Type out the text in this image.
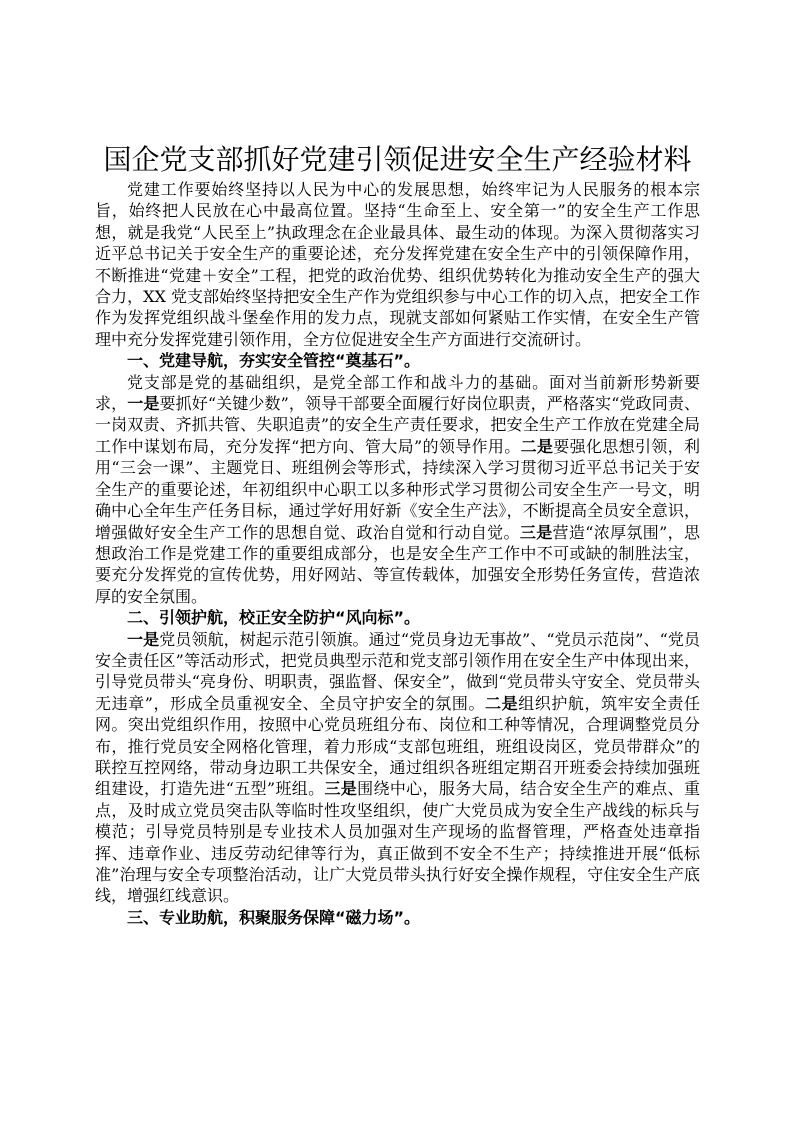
国企党支部抓好党建引领促进安全生产经验材料

党建工作要始终坚持以人民为中心的发展思想，始终牢记为人民服务的根本宗旨，始终把人民放在心中最高位置。坚持“生命至上、安全第一”的安全生产工作思想，就是我党“人民至上”执政理念在企业最具体、最生动的体现。为深入贯彻落实习近平总书记关于安全生产的重要论述，充分发挥党建在安全生产中的引领保障作用，不断推进“党建＋安全”工程，把党的政治优势、组织优势转化为推动安全生产的强大合力，XX 党支部始终坚持把安全生产作为党组织参与中心工作的切入点，把安全工作作为发挥党组织战斗堡垒作用的发力点，现就支部如何紧贴工作实情，在安全生产管理中充分发挥党建引领作用，全方位促进安全生产方面进行交流研讨。

一、党建导航，夯实安全管控“奠基石”。

党支部是党的基础组织，是党全部工作和战斗力的基础。面对当前新形势新要求，一是要抓好“关键少数”，领导干部要全面履行好岗位职责，严格落实“党政同责、一岗双责、齐抓共管、失职追责”的安全生产责任要求，把安全生产工作放在党建全局工作中谋划布局，充分发挥“把方向、管大局”的领导作用。二是要强化思想引领，利用“三会一课”、主题党日、班组例会等形式，持续深入学习贯彻习近平总书记关于安全生产的重要论述，年初组织中心职工以多种形式学习贯彻公司安全生产一号文，明确中心全年生产任务目标，通过学好用好新《安全生产法》，不断提高全员安全意识，增强做好安全生产工作的思想自觉、政治自觉和行动自觉。三是营造“浓厚氛围”，思想政治工作是党建工作的重要组成部分，也是安全生产工作中不可或缺的制胜法宝，要充分发挥党的宣传优势，用好网站、等宣传载体，加强安全形势任务宣传，营造浓厚的安全氛围。

二、引领护航，校正安全防护“风向标”。

一是党员领航，树起示范引领旗。通过“党员身边无事故”、“党员示范岗”、“党员安全责任区”等活动形式，把党员典型示范和党支部引领作用在安全生产中体现出来，引导党员带头“亮身份、明职责，强监督、保安全”，做到“党员带头守安全、党员带头无违章”，形成全员重视安全、全员守护安全的氛围。二是组织护航，筑牢安全责任网。突出党组织作用，按照中心党员班组分布、岗位和工种等情况，合理调整党员分布，推行党员安全网格化管理，着力形成“支部包班组，班组设岗区，党员带群众”的联控互控网络，带动身边职工共保安全，通过组织各班组定期召开班委会持续加强班组建设，打造先进“五型”班组。三是围绕中心，服务大局，结合安全生产的难点、重点，及时成立党员突击队等临时性攻坚组织，使广大党员成为安全生产战线的标兵与模范；引导党员特别是专业技术人员加强对生产现场的监督管理，严格查处违章指挥、违章作业、违反劳动纪律等行为，真正做到不安全不生产；持续推进开展“低标准”治理与安全专项整治活动，让广大党员带头执行好安全操作规程，守住安全生产底线，增强红线意识。

三、专业助航，积聚服务保障“磁力场”。
